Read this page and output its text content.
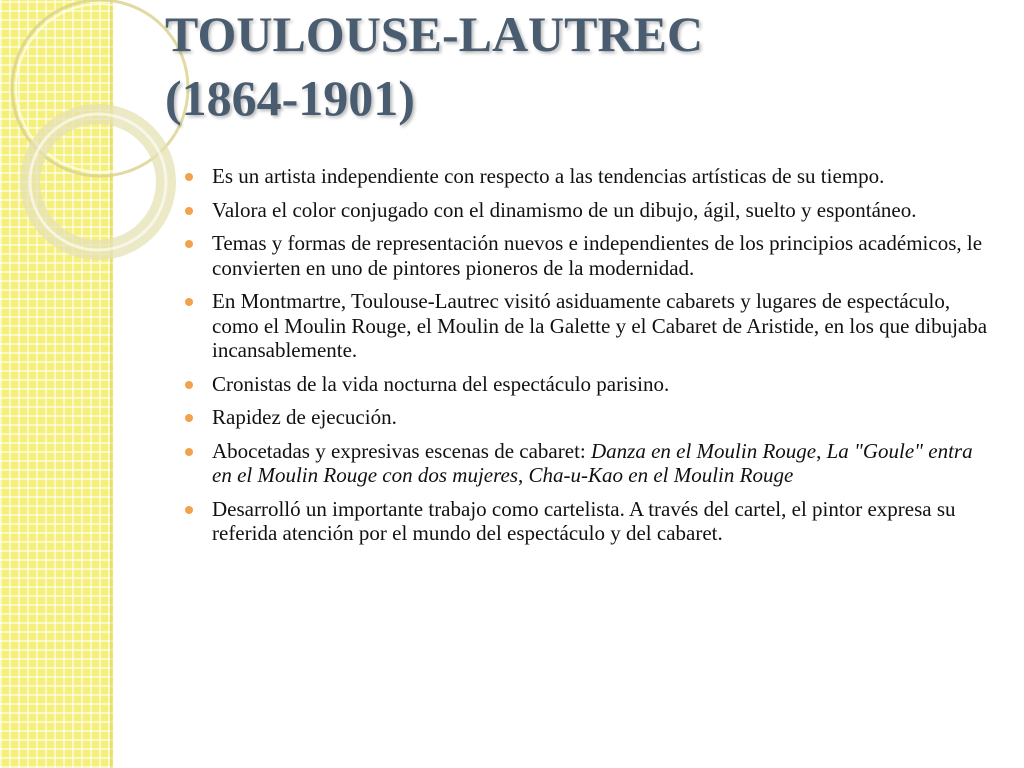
TOULOUSE-LAUTREC
(1864-1901)
Es un artista independiente con respecto a las tendencias artísticas de su tiempo.
Valora el color conjugado con el dinamismo de un dibujo, ágil, suelto y espontáneo.
Temas y formas de representación nuevos e independientes de los principios académicos, le convierten en uno de pintores pioneros de la modernidad.
En Montmartre, Toulouse-Lautrec visitó asiduamente cabarets y lugares de espectáculo, como el Moulin Rouge, el Moulin de la Galette y el Cabaret de Aristide, en los que dibujaba incansablemente.
Cronistas de la vida nocturna del espectáculo parisino.
Rapidez de ejecución.
Abocetadas y expresivas escenas de cabaret: Danza en el Moulin Rouge, La "Goule" entra en el Moulin Rouge con dos mujeres, Cha-u-Kao en el Moulin Rouge
Desarrolló un importante trabajo como cartelista. A través del cartel, el pintor expresa su referida atención por el mundo del espectáculo y del cabaret.
